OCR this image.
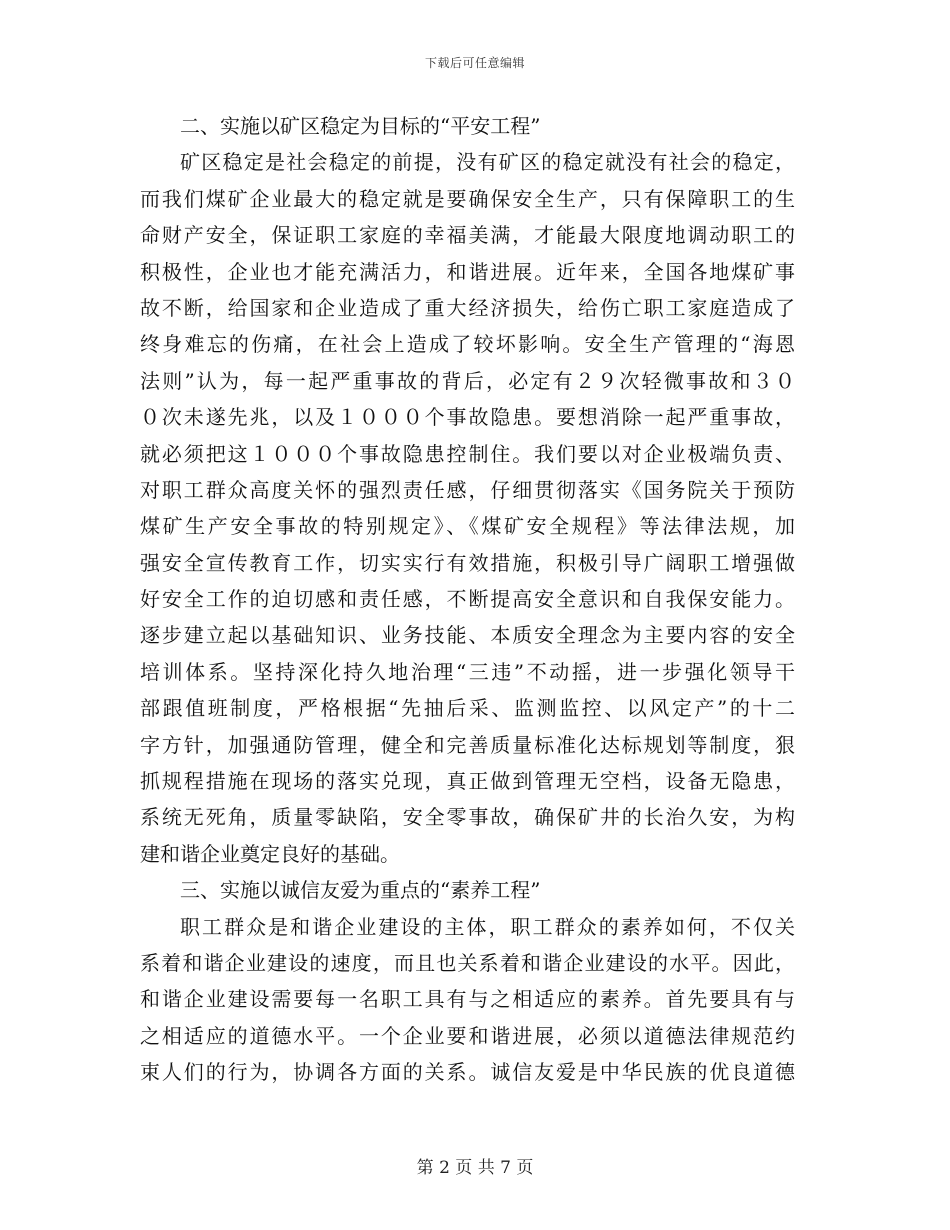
下载后可任意编辑
二、实施以矿区稳定为目标的“平安工程”
矿区稳定是社会稳定的前提，没有矿区的稳定就没有社会的稳定，
而我们煤矿企业最大的稳定就是要确保安全生产，只有保障职工的生
命财产安全，保证职工家庭的幸福美满，才能最大限度地调动职工的
积极性，企业也才能充满活力，和谐进展。近年来，全国各地煤矿事
故不断，给国家和企业造成了重大经济损失，给伤亡职工家庭造成了
终身难忘的伤痛，在社会上造成了较坏影响。安全生产管理的“海恩
法则”认为，每一起严重事故的背后，必定有２９次轻微事故和３０
０次未遂先兆，以及１０００个事故隐患。要想消除一起严重事故，
就必须把这１０００个事故隐患控制住。我们要以对企业极端负责、
对职工群众高度关怀的强烈责任感，仔细贯彻落实《国务院关于预防
煤矿生产安全事故的特别规定》、《煤矿安全规程》等法律法规，加
强安全宣传教育工作，切实实行有效措施，积极引导广阔职工增强做
好安全工作的迫切感和责任感，不断提高安全意识和自我保安能力。
逐步建立起以基础知识、业务技能、本质安全理念为主要内容的安全
培训体系。坚持深化持久地治理“三违”不动摇，进一步强化领导干
部跟值班制度，严格根据“先抽后采、监测监控、以风定产”的十二
字方针，加强通防管理，健全和完善质量标准化达标规划等制度，狠
抓规程措施在现场的落实兑现，真正做到管理无空档，设备无隐患，
系统无死角，质量零缺陷，安全零事故，确保矿井的长治久安，为构
建和谐企业奠定良好的基础。
三、实施以诚信友爱为重点的“素养工程”
职工群众是和谐企业建设的主体，职工群众的素养如何，不仅关
系着和谐企业建设的速度，而且也关系着和谐企业建设的水平。因此，
和谐企业建设需要每一名职工具有与之相适应的素养。首先要具有与
之相适应的道德水平。一个企业要和谐进展，必须以道德法律规范约
束人们的行为，协调各方面的关系。诚信友爱是中华民族的优良道德
第 2 页 共 7 页
